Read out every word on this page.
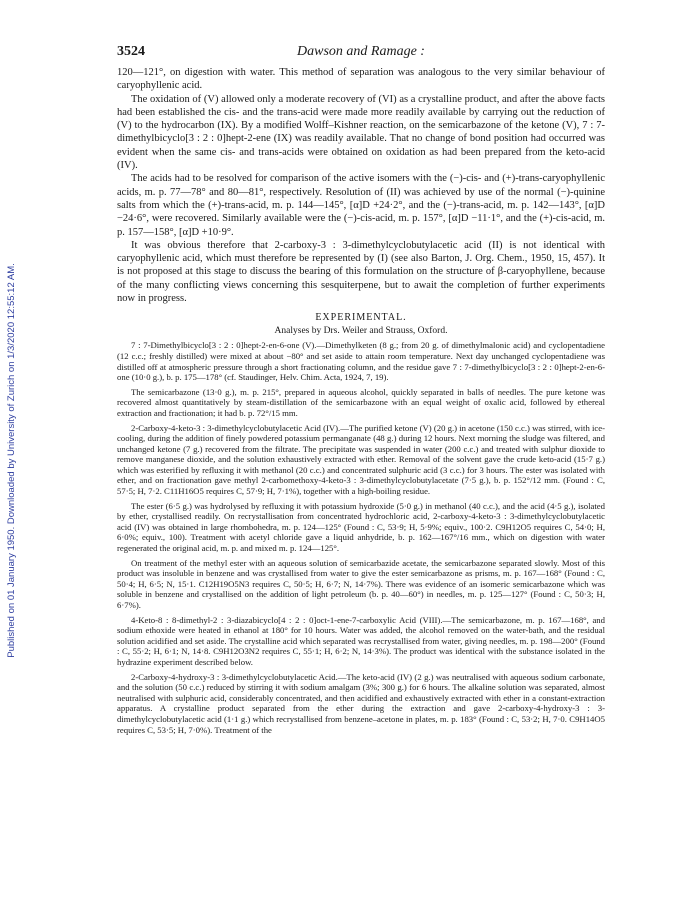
Published on 01 January 1950. Downloaded by University of Zurich on 1/3/2020 12:55:12 AM.
3524	Dawson and Ramage :

120—121°, on digestion with water. This method of separation was analogous to the very similar behaviour of caryophyllenic acid.

The oxidation of (V) allowed only a moderate recovery of (VI) as a crystalline product, and after the above facts had been established the cis- and the trans-acid were made more readily available by carrying out the reduction of (V) to the hydrocarbon (IX). By a modified Wolff–Kishner reaction, on the semicarbazone of the ketone (V), 7 : 7-dimethylbicyclo[3 : 2 : 0]hept-2-ene (IX) was readily available. That no change of bond position had occurred was evident when the same cis- and trans-acids were obtained on oxidation as had been prepared from the keto-acid (IV).

The acids had to be resolved for comparison of the active isomers with the (−)-cis- and (+)-trans-caryophyllenic acids, m. p. 77—78° and 80—81°, respectively. Resolution of (II) was achieved by use of the normal (−)-quinine salts from which the (+)-trans-acid, m. p. 144—145°, [α]D +24·2°, and the (−)-trans-acid, m. p. 142—143°, [α]D −24·6°, were recovered. Similarly available were the (−)-cis-acid, m. p. 157°, [α]D −11·1°, and the (+)-cis-acid, m. p. 157—158°, [α]D +10·9°.

It was obvious therefore that 2-carboxy-3 : 3-dimethylcyclobutylacetic acid (II) is not identical with caryophyllenic acid, which must therefore be represented by (I) (see also Barton, J. Org. Chem., 1950, 15, 457). It is not proposed at this stage to discuss the bearing of this formulation on the structure of β-caryophyllene, because of the many conflicting views concerning this sesquiterpene, but to await the completion of further experiments now in progress.

EXPERIMENTAL.
Analyses by Drs. Weiler and Strauss, Oxford.

7 : 7-Dimethylbicyclo[3 : 2 : 0]hept-2-en-6-one (V).—Dimethylketen (8 g.; from 20 g. of dimethylmalonic acid) and cyclopentadiene (12 c.c.; freshly distilled) were mixed at about −80° and set aside to attain room temperature. Next day unchanged cyclopentadiene was distilled off at atmospheric pressure through a short fractionating column, and the residue gave 7 : 7-dimethylbicyclo[3 : 2 : 0]hept-2-en-6-one (10·0 g.), b. p. 175—178° (cf. Staudinger, Helv. Chim. Acta, 1924, 7, 19).

The semicarbazone (13·0 g.), m. p. 215°, prepared in aqueous alcohol, quickly separated in balls of needles. The pure ketone was recovered almost quantitatively by steam-distillation of the semicarbazone with an equal weight of oxalic acid, followed by ethereal extraction and fractionation; it had b. p. 72°/15 mm.

2-Carboxy-4-keto-3 : 3-dimethylcyclobutylacetic Acid (IV).—The purified ketone (V) (20 g.) in acetone (150 c.c.) was stirred, with ice-cooling, during the addition of finely powdered potassium permanganate (48 g.) during 12 hours. Next morning the sludge was filtered, and unchanged ketone (7 g.) recovered from the filtrate. The precipitate was suspended in water (200 c.c.) and treated with sulphur dioxide to remove manganese dioxide, and the solution exhaustively extracted with ether. Removal of the solvent gave the crude keto-acid (15·7 g.) which was esterified by refluxing it with methanol (20 c.c.) and concentrated sulphuric acid (3 c.c.) for 3 hours. The ester was isolated with ether, and on fractionation gave methyl 2-carbomethoxy-4-keto-3 : 3-dimethylcyclobutylacetate (7·5 g.), b. p. 152°/12 mm. (Found : C, 57·5; H, 7·2. C11H16O5 requires C, 57·9; H, 7·1%), together with a high-boiling residue.

The ester (6·5 g.) was hydrolysed by refluxing it with potassium hydroxide (5·0 g.) in methanol (40 c.c.), and the acid (4·5 g.), isolated by ether, crystallised readily. On recrystallisation from concentrated hydrochloric acid, 2-carboxy-4-keto-3 : 3-dimethylcyclobutylacetic acid (IV) was obtained in large rhombohedra, m. p. 124—125° (Found : C, 53·9; H, 5·9%; equiv., 100·2. C9H12O5 requires C, 54·0; H, 6·0%; equiv., 100). Treatment with acetyl chloride gave a liquid anhydride, b. p. 162—167°/16 mm., which on digestion with water regenerated the original acid, m. p. and mixed m. p. 124—125°.

On treatment of the methyl ester with an aqueous solution of semicarbazide acetate, the semicarbazone separated slowly. Most of this product was insoluble in benzene and was crystallised from water to give the ester semicarbazone as prisms, m. p. 167—168° (Found : C, 50·4; H, 6·5; N, 15·1. C12H19O5N3 requires C, 50·5; H, 6·7; N, 14·7%). There was evidence of an isomeric semicarbazone which was soluble in benzene and crystallised on the addition of light petroleum (b. p. 40—60°) in needles, m. p. 125—127° (Found : C, 50·3; H, 6·7%).

4-Keto-8 : 8-dimethyl-2 : 3-diazabicyclo[4 : 2 : 0]oct-1-ene-7-carboxylic Acid (VIII).—The semicarbazone, m. p. 167—168°, and sodium ethoxide were heated in ethanol at 180° for 10 hours. Water was added, the alcohol removed on the water-bath, and the residual solution acidified and set aside. The crystalline acid which separated was recrystallised from water, giving needles, m. p. 198—200° (Found : C, 55·2; H, 6·1; N, 14·8. C9H12O3N2 requires C, 55·1; H, 6·2; N, 14·3%). The product was identical with the substance isolated in the hydrazine experiment described below.

2-Carboxy-4-hydroxy-3 : 3-dimethylcyclobutylacetic Acid.—The keto-acid (IV) (2 g.) was neutralised with aqueous sodium carbonate, and the solution (50 c.c.) reduced by stirring it with sodium amalgam (3%; 300 g.) for 6 hours. The alkaline solution was separated, almost neutralised with sulphuric acid, considerably concentrated, and then acidified and exhaustively extracted with ether in a constant-extraction apparatus. A crystalline product separated from the ether during the extraction and gave 2-carboxy-4-hydroxy-3 : 3-dimethylcyclobutylacetic acid (1·1 g.) which recrystallised from benzene–acetone in plates, m. p. 183° (Found : C, 53·2; H, 7·0. C9H14O5 requires C, 53·5; H, 7·0%). Treatment of the
